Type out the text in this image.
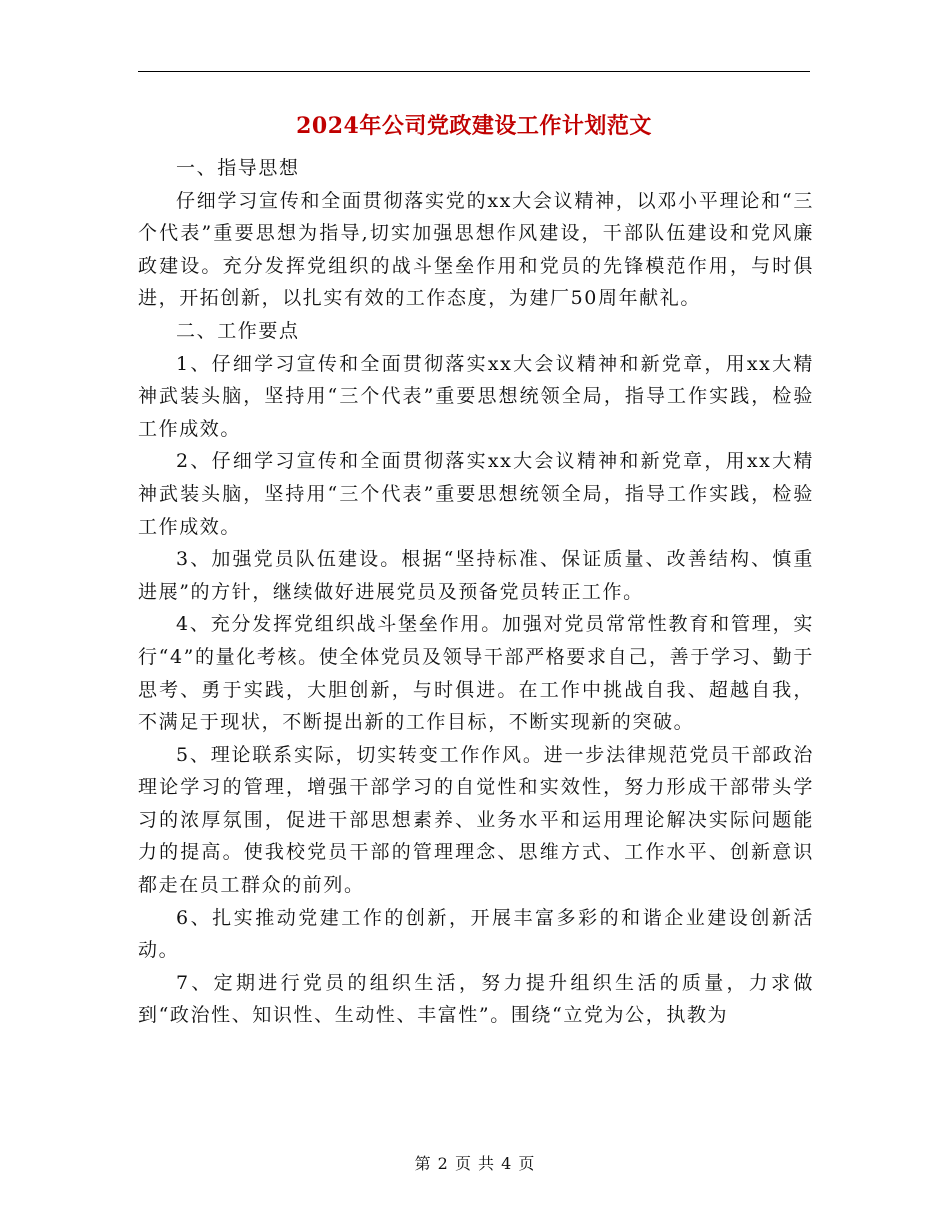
2024年公司党政建设工作计划范文

一、指导思想

仔细学习宣传和全面贯彻落实党的xx大会议精神，以邓小平理论和“三个代表”重要思想为指导,切实加强思想作风建设，干部队伍建设和党风廉政建设。充分发挥党组织的战斗堡垒作用和党员的先锋模范作用，与时俱进，开拓创新，以扎实有效的工作态度，为建厂50周年献礼。

二、工作要点

1、仔细学习宣传和全面贯彻落实xx大会议精神和新党章，用xx大精神武装头脑，坚持用“三个代表”重要思想统领全局，指导工作实践，检验工作成效。

2、仔细学习宣传和全面贯彻落实xx大会议精神和新党章，用xx大精神武装头脑，坚持用“三个代表”重要思想统领全局，指导工作实践，检验工作成效。

3、加强党员队伍建设。根据“坚持标准、保证质量、改善结构、慎重进展”的方针，继续做好进展党员及预备党员转正工作。

4、充分发挥党组织战斗堡垒作用。加强对党员常常性教育和管理，实行“4”的量化考核。使全体党员及领导干部严格要求自己，善于学习、勤于思考、勇于实践，大胆创新，与时俱进。在工作中挑战自我、超越自我，不满足于现状，不断提出新的工作目标，不断实现新的突破。

5、理论联系实际，切实转变工作作风。进一步法律规范党员干部政治理论学习的管理，增强干部学习的自觉性和实效性，努力形成干部带头学习的浓厚氛围，促进干部思想素养、业务水平和运用理论解决实际问题能力的提高。使我校党员干部的管理理念、思维方式、工作水平、创新意识都走在员工群众的前列。

6、扎实推动党建工作的创新，开展丰富多彩的和谐企业建设创新活动。

7、定期进行党员的组织生活，努力提升组织生活的质量，力求做到“政治性、知识性、生动性、丰富性”。围绕“立党为公，执教为

第 2 页 共 4 页
